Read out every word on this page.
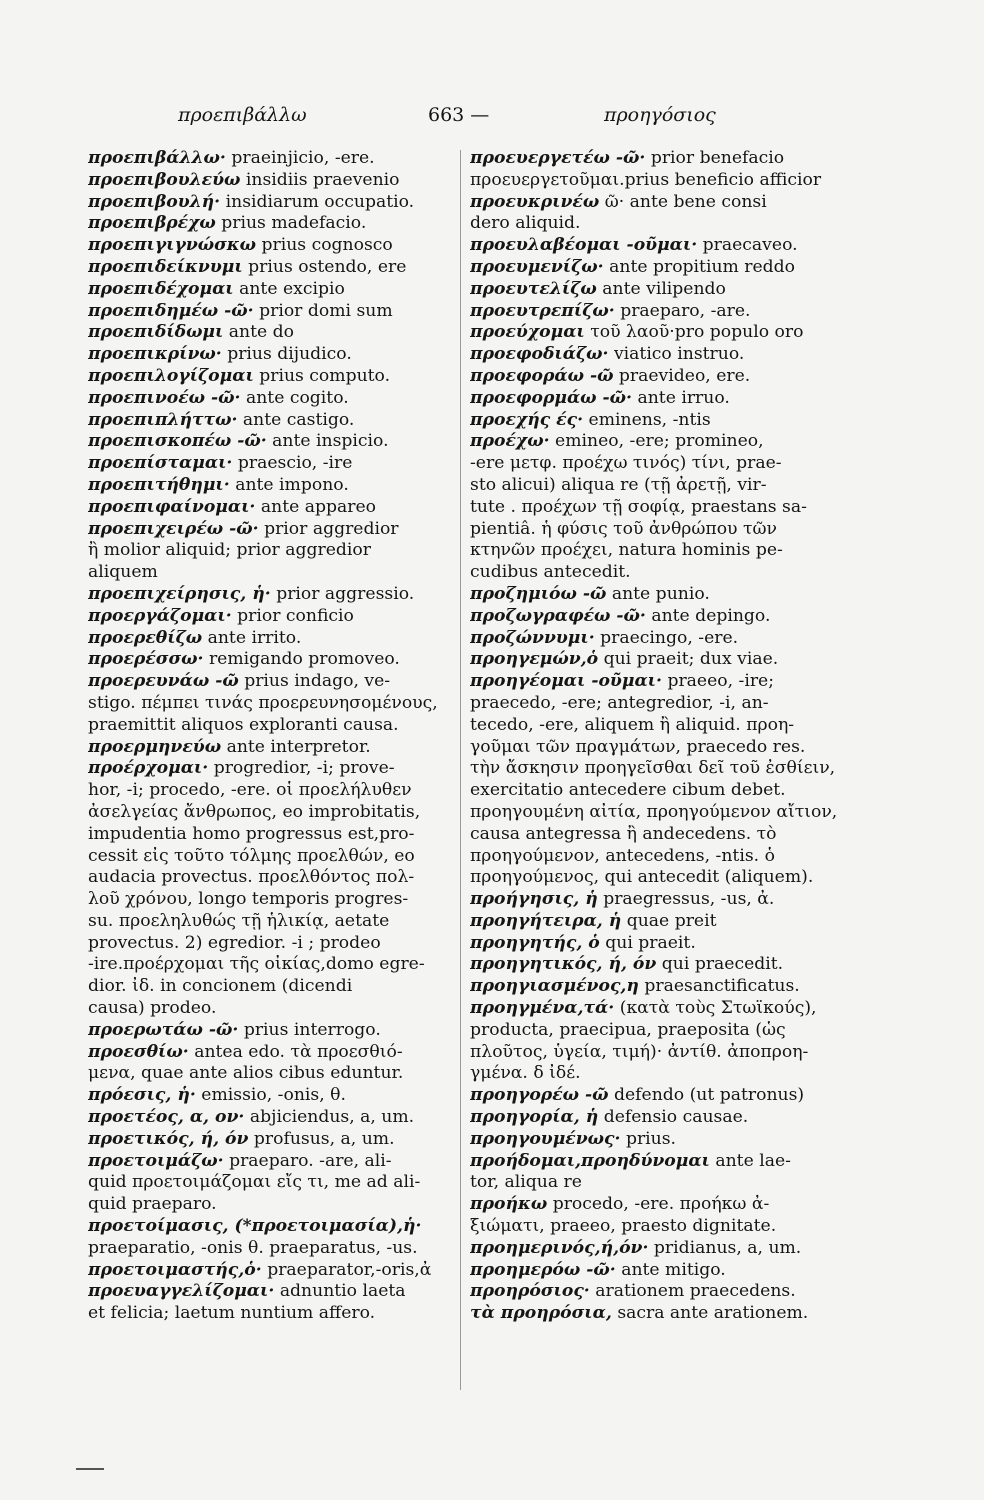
προεπιβάλλω	663 —	προηγόσιος

προεπιβάλλω· praeinjicio, -ere.

προεπιβουλεύω insidiis praevenio

προεπιβουλή· insidiarum occupatio.

προεπιβρέχω prius madefacio.

προεπιγιγνώσκω prius cognosco

προεπιδείκνυμι prius ostendo, ere

προεπιδέχομαι ante excipio

προεπιδημέω -ῶ· prior domi sum

προεπιδίδωμι ante do

προεπικρίνω· prius dijudico.

προεπιλογίζομαι prius computo.

προεπινοέω -ῶ· ante cogito.

προεπιπλήττω· ante castigo.

προεπισκοπέω -ῶ· ante inspicio.

προεπίσταμαι· praescio, -ire

προεπιτήθημι· ante impono.

προεπιφαίνομαι· ante appareo

προεπιχειρέω -ῶ· prior aggredior

ἢ molior aliquid; prior aggredior

aliquem

προεπιχείρησις, ἡ· prior aggressio.

προεργάζομαι· prior conficio

προερεθίζω ante irrito.

προερέσσω· remigando promoveo.

προερευνάω -ῶ prius indago, ve-

stigo. πέμπει τινάς προερευνησομένους,

praemittit aliquos exploranti causa.

προερμηνεύω ante interpretor.

προέρχομαι· progredior, -i; prove-

hor, -i; procedo, -ere. οἱ προελήλυθεν

ἀσελγείας ἄνθρωπος, eo improbitatis,

impudentia homo progressus est,pro-

cessit εἰς τοῦτο τόλμης προελθών, eo

audacia provectus. προελθόντος πολ-

λοῦ χρόνου, longo temporis progres-

su. προεληλυθώς τῇ ἡλικίᾳ, aetate

provectus. 2) egredior. -i ; prodeo

-ire.προέρχομαι τῆς οἰκίας,domo egre-

dior. ἰδ. in concionem (dicendi

causa) prodeo.

προερωτάω -ῶ· prius interrogo.

προεσθίω· antea edo. τὰ προεσθιό-

μενα, quae ante alios cibus eduntur.

πρόεσις, ἡ· emissio, -onis, θ.

προετέος, α, ον· abjiciendus, a, um.

προετικός, ή, όν profusus, a, um.

προετοιμάζω· praeparo. -are, ali-

quid προετοιμάζομαι εἴς τι, me ad ali-

quid praeparo.

προετοίμασις, (*προετοιμασία),ἡ·

praeparatio, -onis θ. praeparatus, -us.

προετοιμαστής,ὁ· praeparator,-oris,ἀ

προευαγγελίζομαι· adnuntio laeta

et felicia; laetum nuntium affero.

προευεργετέω -ῶ· prior benefacio

προευεργετοῦμαι.prius beneficio afficior

προευκρινέω ῶ· ante bene consi

dero aliquid.

προευλαβέομαι -οῦμαι· praecaveo.

προευμενίζω· ante propitium reddo

προευτελίζω ante vilipendo

προευτρεπίζω· praeparo, -are.

προεύχομαι τοῦ λαοῦ·pro populo oro

προεφοδιάζω· viatico instruo.

προεφοράω -ῶ praevideo, ere.

προεφορμάω -ῶ· ante irruo.

προεχής ές· eminens, -ntis

προέχω· emineo, -ere; promineo,

-ere μετφ. προέχω τινός) τίνι, prae-

sto alicui) aliqua re (τῇ ἀρετῇ, vir-

tute . προέχων τῇ σοφίᾳ, praestans sa-

pientiâ. ἡ φύσις τοῦ ἀνθρώπου τῶν

κτηνῶν προέχει, natura hominis pe-

cudibus antecedit.

προζημιόω -ῶ ante punio.

προζωγραφέω -ῶ· ante depingo.

προζώννυμι· praecingo, -ere.

προηγεμών,ὁ qui praeit; dux viae.

προηγέομαι -οῦμαι· praeeo, -ire;

praecedo, -ere; antegredior, -i, an-

tecedo, -ere, aliquem ἢ aliquid. προη-

γοῦμαι τῶν πραγμάτων, praecedo res.

τὴν ἄσκησιν προηγεῖσθαι δεῖ τοῦ ἐσθίειν,

exercitatio antecedere cibum debet.

προηγουμένη αἰτία, προηγούμενον αἴτιον,

causa antegressa ἢ andecedens. τὸ

προηγούμενον, antecedens, -ntis. ὁ

προηγούμενος, qui antecedit (aliquem).

προήγησις, ἡ praegressus, -us, ἀ.

προηγήτειρα, ἡ quae preit

προηγητής, ὁ qui praeit.

προηγητικός, ή, όν qui praecedit.

προηγιασμένος,η praesanctificatus.

προηγμένα,τά· (κατὰ τοὺς Στωϊκούς),

producta, praecipua, praeposita (ὡς

πλοῦτος, ὑγεία, τιμή)· ἀντίθ. ἀποπροη-

γμένα. δ ἰδέ.

προηγορέω -ῶ defendo (ut patronus)

προηγορία, ἡ defensio causae.

προηγουμένως· prius.

προήδομαι,προηδύνομαι ante lae-

tor, aliqua re

προήκω procedo, -ere. προήκω ἀ-

ξιώματι, praeeo, praesto dignitate.

προημερινός,ή,όν· pridianus, a, um.

προημερόω -ῶ· ante mitigo.

προηρόσιος· arationem praecedens.

τὰ προηρόσια, sacra ante arationem.
